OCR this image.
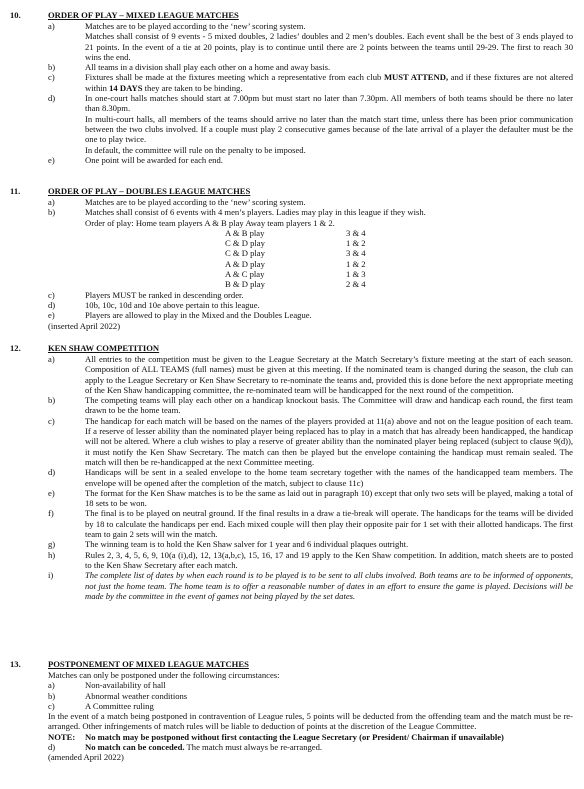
10.	ORDER OF PLAY – MIXED LEAGUE MATCHES
a)	Matches are to be played according to the ‘new’ scoring system.
Matches shall consist of 9 events - 5 mixed doubles, 2 ladies’ doubles and 2 men’s doubles. Each event shall be the best of 3 ends played to 21 points. In the event of a tie at 20 points, play is to continue until there are 2 points between the teams until 29-29. The first to reach 30 wins the end.
b)	All teams in a division shall play each other on a home and away basis.
c)	Fixtures shall be made at the fixtures meeting which a representative from each club MUST ATTEND, and if these fixtures are not altered within 14 DAYS they are taken to be binding.
d)	In one-court halls matches should start at 7.00pm but must start no later than 7.30pm. All members of both teams should be there no later than 8.30pm.
In multi-court halls, all members of the teams should arrive no later than the match start time, unless there has been prior communication between the two clubs involved. If a couple must play 2 consecutive games because of the late arrival of a player the defaulter must be the one to play twice.
In default, the committee will rule on the penalty to be imposed.
e)	One point will be awarded for each end.
11.	ORDER OF PLAY – DOUBLES LEAGUE MATCHES
a)	Matches are to be played according to the ‘new’ scoring system.
b)	Matches shall consist of 6 events with 4 men’s players. Ladies may play in this league if they wish.
Order of play: Home team players A & B play Away team players 1 & 2.
A & B play	3 & 4
C & D play	1 & 2
C & D play	3 & 4
A & D play	1 & 2
A & C play	1 & 3
B & D play	2 & 4
c)	Players MUST be ranked in descending order.
d)	10b, 10c, 10d and 10e above pertain to this league.
e)	Players are allowed to play in the Mixed and the Doubles League.
(inserted April 2022)
12.	KEN SHAW COMPETITION
a)	All entries to the competition must be given to the League Secretary at the Match Secretary’s fixture meeting at the start of each season. Composition of ALL TEAMS (full names) must be given at this meeting. If the nominated team is changed during the season, the club can apply to the League Secretary or Ken Shaw Secretary to re-nominate the teams and, provided this is done before the next appropriate meeting of the Ken Shaw handicapping committee, the re-nominated team will be handicapped for the next round of the competition.
b)	The competing teams will play each other on a handicap knockout basis. The Committee will draw and handicap each round, the first team drawn to be the home team.
c)	The handicap for each match will be based on the names of the players provided at 11(a) above and not on the league position of each team. If a reserve of lesser ability than the nominated player being replaced has to play in a match that has already been handicapped, the handicap will not be altered. Where a club wishes to play a reserve of greater ability than the nominated player being replaced (subject to clause 9(d)), it must notify the Ken Shaw Secretary. The match can then be played but the envelope containing the handicap must remain sealed. The match will then be re-handicapped at the next Committee meeting.
d)	Handicaps will be sent in a sealed envelope to the home team secretary together with the names of the handicapped team members. The envelope will be opened after the completion of the match, subject to clause 11c)
e)	The format for the Ken Shaw matches is to be the same as laid out in paragraph 10) except that only two sets will be played, making a total of 18 sets to be won.
f)	The final is to be played on neutral ground. If the final results in a draw a tie-break will operate. The handicaps for the teams will be divided by 18 to calculate the handicaps per end. Each mixed couple will then play their opposite pair for 1 set with their allotted handicaps. The first team to gain 2 sets will win the match.
g)	The winning team is to hold the Ken Shaw salver for 1 year and 6 individual plaques outright.
h)	Rules 2, 3, 4, 5, 6, 9, 10(a (i),d), 12, 13(a,b,c), 15, 16, 17 and 19 apply to the Ken Shaw competition. In addition, match sheets are to posted to the Ken Shaw Secretary after each match.
i)	The complete list of dates by when each round is to be played is to be sent to all clubs involved. Both teams are to be informed of opponents, not just the home team. The home team is to offer a reasonable number of dates in an effort to ensure the game is played. Decisions will be made by the committee in the event of games not being played by the set dates.
13.	POSTPONEMENT OF MIXED LEAGUE MATCHES
Matches can only be postponed under the following circumstances:
a)	Non-availability of hall
b)	Abnormal weather conditions
c)	A Committee ruling
In the event of a match being postponed in contravention of League rules, 5 points will be deducted from the offending team and the match must be re-arranged. Other infringements of match rules will be liable to deduction of points at the discretion of the League Committee.
NOTE: No match may be postponed without first contacting the League Secretary (or President/ Chairman if unavailable)
d)	No match can be conceded. The match must always be re-arranged.
(amended April 2022)
